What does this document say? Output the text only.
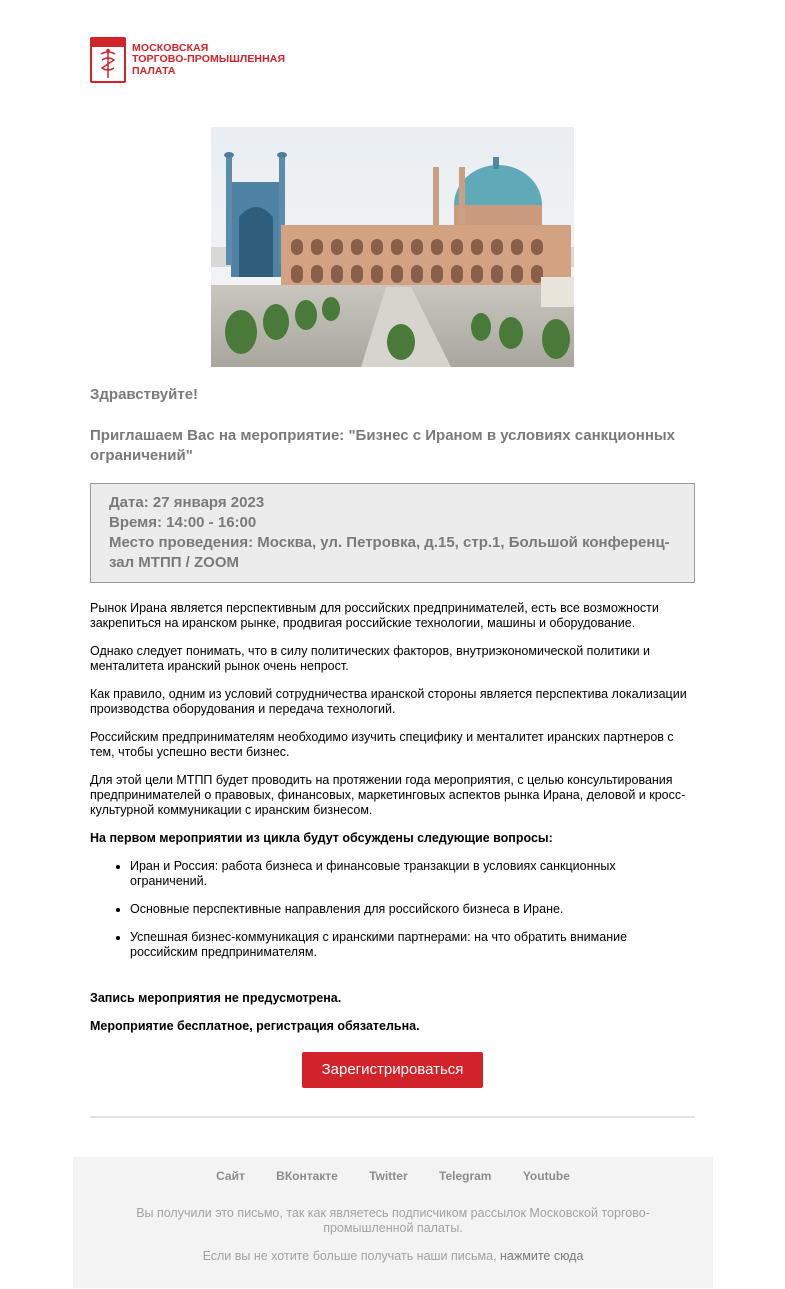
МОСКОВСКАЯ
ТОРГОВО-ПРОМЫШЛЕННАЯ
ПАЛАТА
Здравствуйте!
Приглашаем Вас на мероприятие: "Бизнес с Ираном в условиях санкционных ограничений"

Дата: 27 января 2023

Время: 14:00 - 16:00

Место проведения: Москва, ул. Петровка, д.15, стр.1, Большой конференц-зал МТПП / ZOOM

Рынок Ирана является перспективным для российских предпринимателей, есть все возможности закрепиться на иранском рынке, продвигая российские технологии, машины и оборудование.

Однако следует понимать, что в силу политических факторов, внутриэкономической политики и менталитета иранский рынок очень непрост.

Как правило, одним из условий сотрудничества иранской стороны является перспектива локализации производства оборудования и передача технологий.

Российским предпринимателям необходимо изучить специфику и менталитет иранских партнеров с тем, чтобы успешно вести бизнес.

Для этой цели МТПП будет проводить на протяжении года мероприятия, с целью консультирования предпринимателей о правовых, финансовых, маркетинговых аспектов рынка Ирана, деловой и кросс-культурной коммуникации с иранским бизнесом.

На первом мероприятии из цикла будут обсуждены следующие вопросы:

• Иран и Россия: работа бизнеса и финансовые транзакции в условиях санкционных ограничений.
• Основные перспективные направления для российского бизнеса в Иране.
• Успешная бизнес-коммуникация с иранскими партнерами: на что обратить внимание российским предпринимателям.

Запись мероприятия не предусмотрена.

Мероприятие бесплатное, регистрация обязательна.

Зарегистрироваться
Сайт	ВКонтакте	Twitter	Telegram	Youtube
Вы получили это письмо, так как являетесь подписчиком рассылок Московской торгово-промышленной палаты.
Если вы не хотите больше получать наши письма, нажмите сюда
